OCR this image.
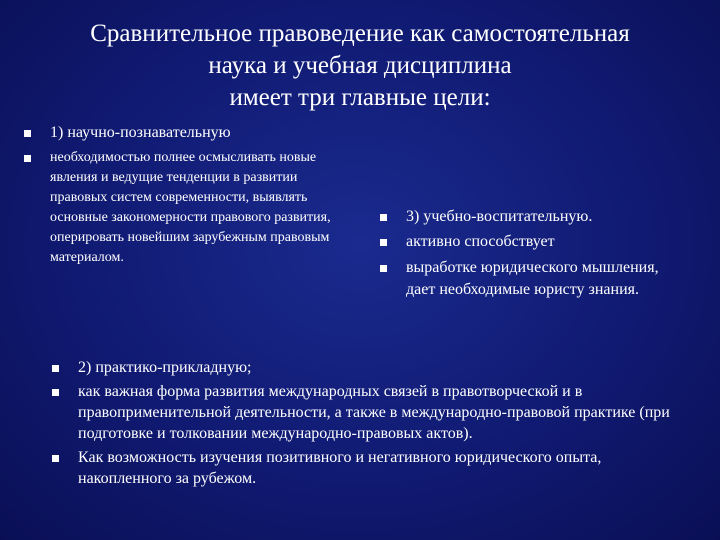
Сравнительное правоведение как самостоятельная
наука и учебная дисциплина
имеет три главные цели:
1) научно-познавательную
необходимостью полнее осмысливать новые явления и ведущие тенденции в развитии правовых систем современности, выявлять основные закономерности правового развития, оперировать новейшим зарубежным правовым материалом.
3) учебно-воспитательную.
активно способствует
выработке юридического мышления, дает необходимые юристу знания.
2) практико-прикладную;
как важная форма развития международных связей в правотворческой и в правоприменительной деятельности, а также в международно-правовой практике (при подготовке и толковании международно-правовых актов).
Как возможность изучения позитивного и негативного юридического опыта, накопленного за рубежом.
